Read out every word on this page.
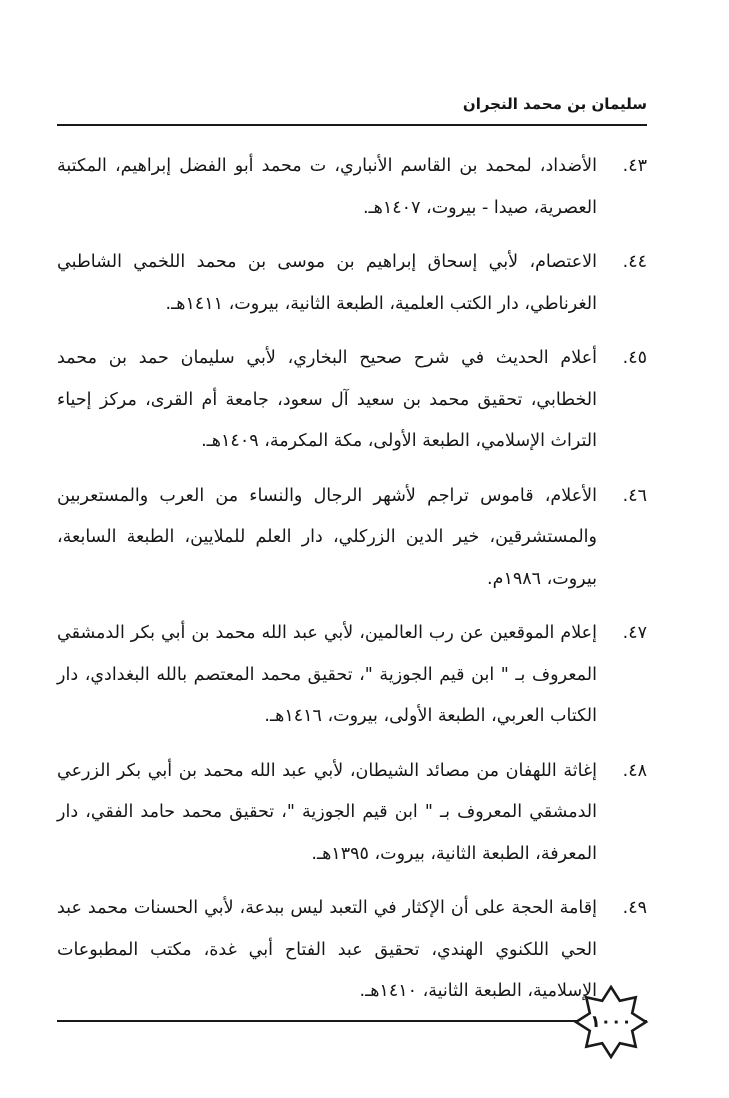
سليمان بن محمد النجران
٤٣.
الأضداد، لمحمد بن القاسم الأنباري، ت محمد أبو الفضل إبراهيم، المكتبة العصرية، صيدا - بيروت، ١٤٠٧هـ.
٤٤.
الاعتصام، لأبي إسحاق إبراهيم بن موسى بن محمد اللخمي الشاطبي الغرناطي، دار الكتب العلمية، الطبعة الثانية، بيروت، ١٤١١هـ.
٤٥.
أعلام الحديث في شرح صحيح البخاري، لأبي سليمان حمد بن محمد الخطابي، تحقيق محمد بن سعيد آل سعود، جامعة أم القرى، مركز إحياء التراث الإسلامي، الطبعة الأولى، مكة المكرمة، ١٤٠٩هـ.
٤٦.
الأعلام، قاموس تراجم لأشهر الرجال والنساء من العرب والمستعربين والمستشرقين، خير الدين الزركلي، دار العلم للملايين، الطبعة السابعة، بيروت، ١٩٨٦م.
٤٧.
إعلام الموقعين عن رب العالمين، لأبي عبد الله محمد بن أبي بكر الدمشقي المعروف بـ " ابن قيم الجوزية "، تحقيق محمد المعتصم بالله البغدادي، دار الكتاب العربي، الطبعة الأولى، بيروت، ١٤١٦هـ.
٤٨.
إغاثة اللهفان من مصائد الشيطان، لأبي عبد الله محمد بن أبي بكر الزرعي الدمشقي المعروف بـ " ابن قيم الجوزية "، تحقيق محمد حامد الفقي، دار المعرفة، الطبعة الثانية، بيروت، ١٣٩٥هـ.
٤٩.
إقامة الحجة على أن الإكثار في التعبد ليس ببدعة، لأبي الحسنات محمد عبد الحي اللكنوي الهندي، تحقيق عبد الفتاح أبي غدة، مكتب المطبوعات الإسلامية، الطبعة الثانية، ١٤١٠هـ.
١٠٠٠
